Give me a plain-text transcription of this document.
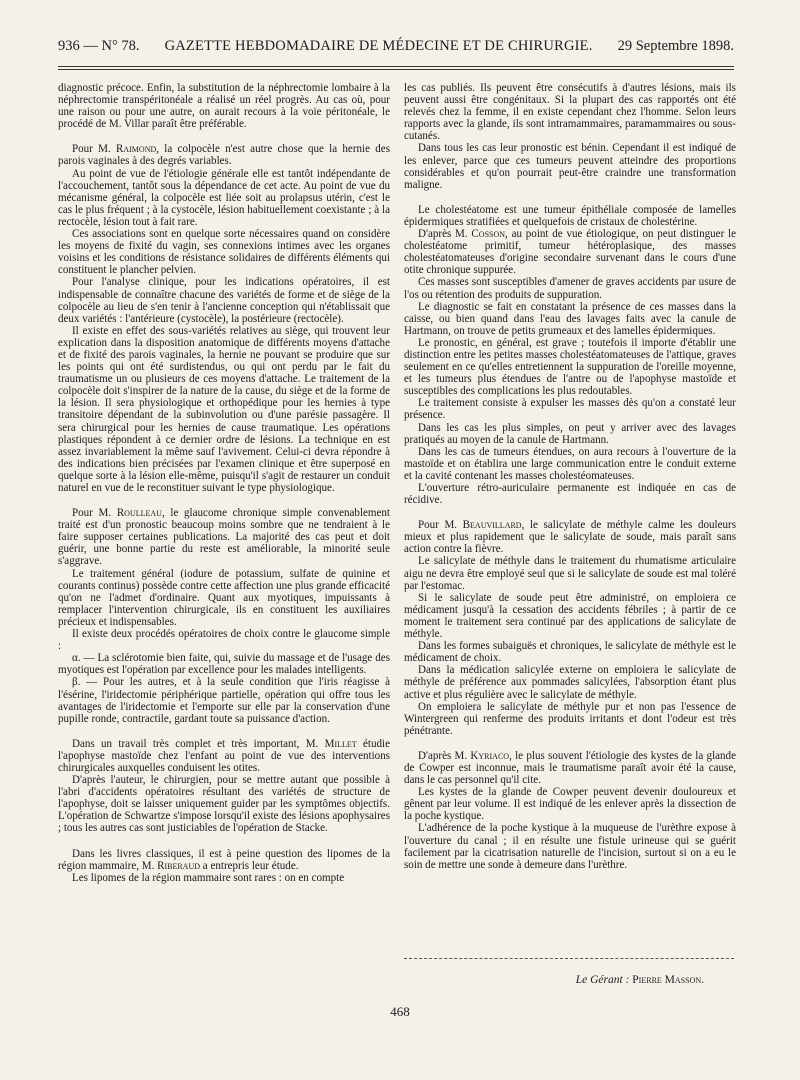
936 — N° 78. GAZETTE HEBDOMADAIRE DE MÉDECINE ET DE CHIRURGIE. 29 Septembre 1898.

diagnostic précoce. Enfin, la substitution de la néphrectomie lombaire à la néphrectomie transpéritonéale a réalisé un réel progrès. Au cas où, pour une raison ou pour une autre, on aurait recours à la voie péritonéale, le procédé de M. Villar paraît être préférable.

Pour M. Raimond, la colpocèle n'est autre chose que la hernie des parois vaginales à des degrés variables.

Au point de vue de l'étiologie générale elle est tantôt indépendante de l'accouchement, tantôt sous la dépendance de cet acte. Au point de vue du mécanisme général, la colpocèle est liée soit au prolapsus utérin, c'est le cas le plus fréquent ; à la cystocèle, lésion habituellement coexistante ; à la rectocèle, lésion tout à fait rare.

Ces associations sont en quelque sorte nécessaires quand on considère les moyens de fixité du vagin, ses connexions intimes avec les organes voisins et les conditions de résistance solidaires de différents éléments qui constituent le plancher pelvien.

Pour l'analyse clinique, pour les indications opératoires, il est indispensable de connaître chacune des variétés de forme et de siège de la colpocèle au lieu de s'en tenir à l'ancienne conception qui n'établissait que deux variétés : l'antérieure (cystocèle), la postérieure (rectocèle).

Il existe en effet des sous-variétés relatives au siège, qui trouvent leur explication dans la disposition anatomique de différents moyens d'attache et de fixité des parois vaginales, la hernie ne pouvant se produire que sur les points qui ont été surdistendus, ou qui ont perdu par le fait du traumatisme un ou plusieurs de ces moyens d'attache. Le traitement de la colpocèle doit s'inspirer de la nature de la cause, du siège et de la forme de la lésion. Il sera physiologique et orthopédique pour les hernies à type transitoire dépendant de la subinvolution ou d'une parésie passagère. Il sera chirurgical pour les hernies de cause traumatique. Les opérations plastiques répondent à ce dernier ordre de lésions. La technique en est assez invariablement la même sauf l'avivement. Celui-ci devra répondre à des indications bien précisées par l'examen clinique et être superposé en quelque sorte à la lésion elle-même, puisqu'il s'agit de restaurer un conduit naturel en vue de le reconstituer suivant le type physiologique.

Pour M. Roulleau, le glaucome chronique simple convenablement traité est d'un pronostic beaucoup moins sombre que ne tendraient à le faire supposer certaines publications. La majorité des cas peut et doit guérir, une bonne partie du reste est améliorable, la minorité seule s'aggrave.

Le traitement général (iodure de potassium, sulfate de quinine et courants continus) possède contre cette affection une plus grande efficacité qu'on ne l'admet d'ordinaire. Quant aux myotiques, impuissants à remplacer l'intervention chirurgicale, ils en constituent les auxiliaires précieux et indispensables.

Il existe deux procédés opératoires de choix contre le glaucome simple :

α. — La sclérotomie bien faite, qui, suivie du massage et de l'usage des myotiques est l'opération par excellence pour les malades intelligents.

β. — Pour les autres, et à la seule condition que l'iris réagisse à l'ésérine, l'iridectomie périphérique partielle, opération qui offre tous les avantages de l'iridectomie et l'emporte sur elle par la conservation d'une pupille ronde, contractile, gardant toute sa puissance d'action.

Dans un travail très complet et très important, M. Millet étudie l'apophyse mastoïde chez l'enfant au point de vue des interventions chirurgicales auxquelles conduisent les otites.

D'après l'auteur, le chirurgien, pour se mettre autant que possible à l'abri d'accidents opératoires résultant des variétés de structure de l'apophyse, doit se laisser uniquement guider par les symptômes objectifs. L'opération de Schwartze s'impose lorsqu'il existe des lésions apophysaires ; tous les autres cas sont justiciables de l'opération de Stacke.

Dans les livres classiques, il est à peine question des lipomes de la région mammaire, M. Riberaud a entrepris leur étude.

Les lipomes de la région mammaire sont rares : on en compte

les cas publiés. Ils peuvent être consécutifs à d'autres lésions, mais ils peuvent aussi être congénitaux. Si la plupart des cas rapportés ont été relevés chez la femme, il en existe cependant chez l'homme. Selon leurs rapports avec la glande, ils sont intramammaires, paramammaires ou sous-cutanés.

Dans tous les cas leur pronostic est bénin. Cependant il est indiqué de les enlever, parce que ces tumeurs peuvent atteindre des proportions considérables et qu'on pourrait peut-être craindre une transformation maligne.

Le cholestéatome est une tumeur épithéliale composée de lamelles épidermiques stratifiées et quelquefois de cristaux de cholestérine.

D'après M. Cosson, au point de vue étiologique, on peut distinguer le cholestéatome primitif, tumeur hétéroplasique, des masses cholestéatomateuses d'origine secondaire survenant dans le cours d'une otite chronique suppurée.

Ces masses sont susceptibles d'amener de graves accidents par usure de l'os ou rétention des produits de suppuration.

Le diagnostic se fait en constatant la présence de ces masses dans la caisse, ou bien quand dans l'eau des lavages faits avec la canule de Hartmann, on trouve de petits grumeaux et des lamelles épidermiques.

Le pronostic, en général, est grave ; toutefois il importe d'établir une distinction entre les petites masses cholestéatomateuses de l'attique, graves seulement en ce qu'elles entretiennent la suppuration de l'oreille moyenne, et les tumeurs plus étendues de l'antre ou de l'apophyse mastoïde et susceptibles des complications les plus redoutables.

Le traitement consiste à expulser les masses dès qu'on a constaté leur présence.

Dans les cas les plus simples, on peut y arriver avec des lavages pratiqués au moyen de la canule de Hartmann.

Dans les cas de tumeurs étendues, on aura recours à l'ouverture de la mastoïde et on établira une large communication entre le conduit externe et la cavité contenant les masses cholestéomateuses.

L'ouverture rétro-auriculaire permanente est indiquée en cas de récidive.

Pour M. Beauvillard, le salicylate de méthyle calme les douleurs mieux et plus rapidement que le salicylate de soude, mais paraît sans action contre la fièvre.

Le salicylate de méthyle dans le traitement du rhumatisme articulaire aigu ne devra être employé seul que si le salicylate de soude est mal toléré par l'estomac.

Si le salicylate de soude peut être administré, on emploiera ce médicament jusqu'à la cessation des accidents fébriles ; à partir de ce moment le traitement sera continué par des applications de salicylate de méthyle.

Dans les formes subaiguës et chroniques, le salicylate de méthyle est le médicament de choix.

Dans la médication salicylée externe on emploiera le salicylate de méthyle de préférence aux pommades salicylées, l'absorption étant plus active et plus régulière avec le salicylate de méthyle.

On emploiera le salicylate de méthyle pur et non pas l'essence de Wintergreen qui renferme des produits irritants et dont l'odeur est très pénétrante.

D'après M. Kyriaco, le plus souvent l'étiologie des kystes de la glande de Cowper est inconnue, mais le traumatisme paraît avoir été la cause, dans le cas personnel qu'il cite.

Les kystes de la glande de Cowper peuvent devenir douloureux et gênent par leur volume. Il est indiqué de les enlever après la dissection de la poche kystique.

L'adhérence de la poche kystique à la muqueuse de l'urèthre expose à l'ouverture du canal ; il en résulte une fistule urineuse qui se guérit facilement par la cicatrisation naturelle de l'incision, surtout si on a eu le soin de mettre une sonde à demeure dans l'urèthre.

Le Gérant : Pierre Masson.
468
